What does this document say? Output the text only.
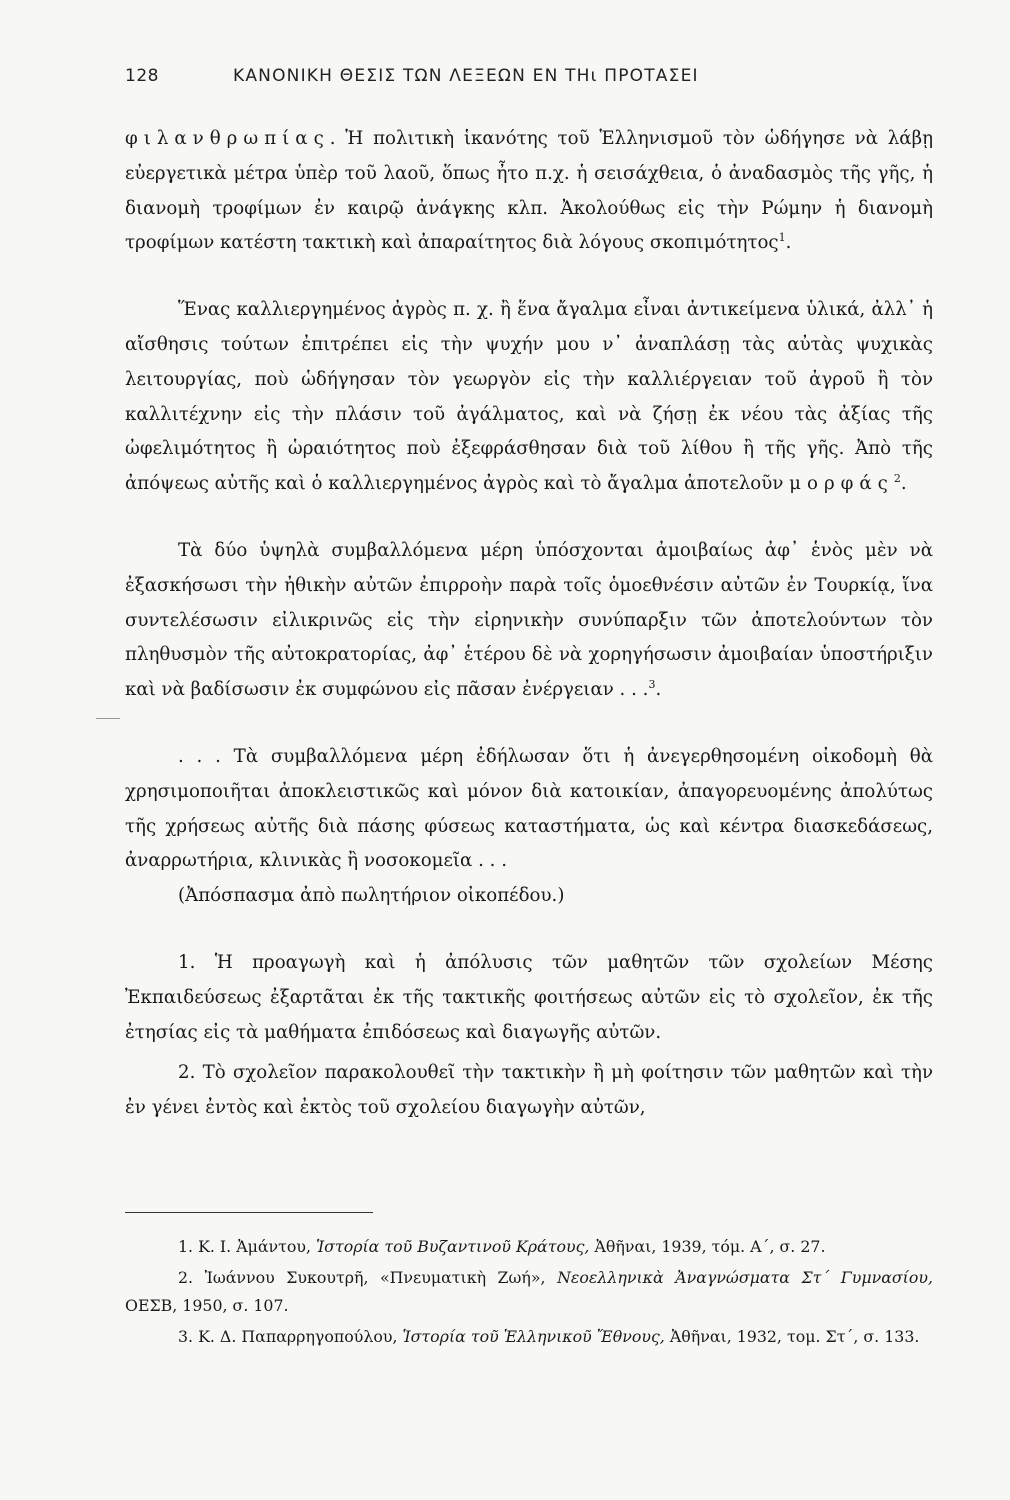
128	ΚΑΝΟΝΙΚΗ ΘΕΣΙΣ ΤΩΝ ΛΕΞΕΩΝ ΕΝ ΤΗι ΠΡΟΤΑΣΕΙ

φιλανθρωπίας. Ἡ πολιτικὴ ἱκανότης τοῦ Ἑλληνισμοῦ τὸν ὡδήγησε νὰ λάβῃ εὐεργετικὰ μέτρα ὑπὲρ τοῦ λαοῦ, ὅπως ἦτο π.χ. ἡ σεισάχθεια, ὁ ἀναδασμὸς τῆς γῆς, ἡ διανομὴ τροφίμων ἐν καιρῷ ἀνάγκης κλπ. Ἀκολούθως εἰς τὴν Ρώμην ἡ διανομὴ τροφίμων κατέστη τακτικὴ καὶ ἀπαραίτητος διὰ λόγους σκοπιμότητος$^1$.

Ἕνας καλλιεργημένος ἀγρὸς π. χ. ἢ ἕνα ἄγαλμα εἶναι ἀντικείμενα ὑλικά, ἀλλ᾽ ἡ αἴσθησις τούτων ἐπιτρέπει εἰς τὴν ψυχήν μου ν᾽ ἀναπλάσῃ τὰς αὐτὰς ψυχικὰς λειτουργίας, ποὺ ὡδήγησαν τὸν γεωργὸν εἰς τὴν καλλιέργειαν τοῦ ἀγροῦ ἢ τὸν καλλιτέχνην εἰς τὴν πλάσιν τοῦ ἀγάλματος, καὶ νὰ ζήσῃ ἐκ νέου τὰς ἀξίας τῆς ὠφελιμότητος ἢ ὡραιότητος ποὺ ἐξεφράσθησαν διὰ τοῦ λίθου ἢ τῆς γῆς. Ἀπὸ τῆς ἀπόψεως αὐτῆς καὶ ὁ καλλιεργημένος ἀγρὸς καὶ τὸ ἄγαλμα ἀποτελοῦν μορφάς$^2$.

Τὰ δύο ὑψηλὰ συμβαλλόμενα μέρη ὑπόσχονται ἀμοιβαίως ἀφ᾽ ἑνὸς μὲν νὰ ἐξασκήσωσι τὴν ἠθικὴν αὐτῶν ἐπιρροὴν παρὰ τοῖς ὁμοεθνέσιν αὐτῶν ἐν Τουρκίᾳ, ἵνα συντελέσωσιν εἰλικρινῶς εἰς τὴν εἰρηνικὴν συνύπαρξιν τῶν ἀποτελούντων τὸν πληθυσμὸν τῆς αὐτοκρατορίας, ἀφ᾽ ἑτέρου δὲ νὰ χορηγήσωσιν ἀμοιβαίαν ὑποστήριξιν καὶ νὰ βαδίσωσιν ἐκ συμφώνου εἰς πᾶσαν ἐνέργειαν . . .$^3$.

. . . Τὰ συμβαλλόμενα μέρη ἐδήλωσαν ὅτι ἡ ἀνεγερθησομένη οἰκοδομὴ θὰ χρησιμοποιῆται ἀποκλειστικῶς καὶ μόνον διὰ κατοικίαν, ἀπαγορευομένης ἀπολύτως τῆς χρήσεως αὐτῆς διὰ πάσης φύσεως καταστήματα, ὡς καὶ κέντρα διασκεδάσεως, ἀναρρωτήρια, κλινικὰς ἢ νοσοκομεῖα . . .

(Ἀπόσπασμα ἀπὸ πωλητήριον οἰκοπέδου.)

1. Ἡ προαγωγὴ καὶ ἡ ἀπόλυσις τῶν μαθητῶν τῶν σχολείων Μέσης Ἐκπαιδεύσεως ἐξαρτᾶται ἐκ τῆς τακτικῆς φοιτήσεως αὐτῶν εἰς τὸ σχολεῖον, ἐκ τῆς ἐτησίας εἰς τὰ μαθήματα ἐπιδόσεως καὶ διαγωγῆς αὐτῶν.

2. Τὸ σχολεῖον παρακολουθεῖ τὴν τακτικὴν ἢ μὴ φοίτησιν τῶν μαθητῶν καὶ τὴν ἐν γένει ἐντὸς καὶ ἐκτὸς τοῦ σχολείου διαγωγὴν αὐτῶν,

1. Κ. Ι. Ἀμάντου, Ἱστορία τοῦ Βυζαντινοῦ Κράτους, Ἀθῆναι, 1939, τόμ. Α΄, σ. 27.

2. Ἰωάννου Συκουτρῆ, «Πνευματικὴ Ζωή», Νεοελληνικὰ Ἀναγνώσματα Στ΄ Γυμνασίου, ΟΕΣΒ, 1950, σ. 107.

3. Κ. Δ. Παπαρρηγοπούλου, Ἱστορία τοῦ Ἑλληνικοῦ Ἔθνους, Ἀθῆναι, 1932, τομ. Στ΄, σ. 133.
